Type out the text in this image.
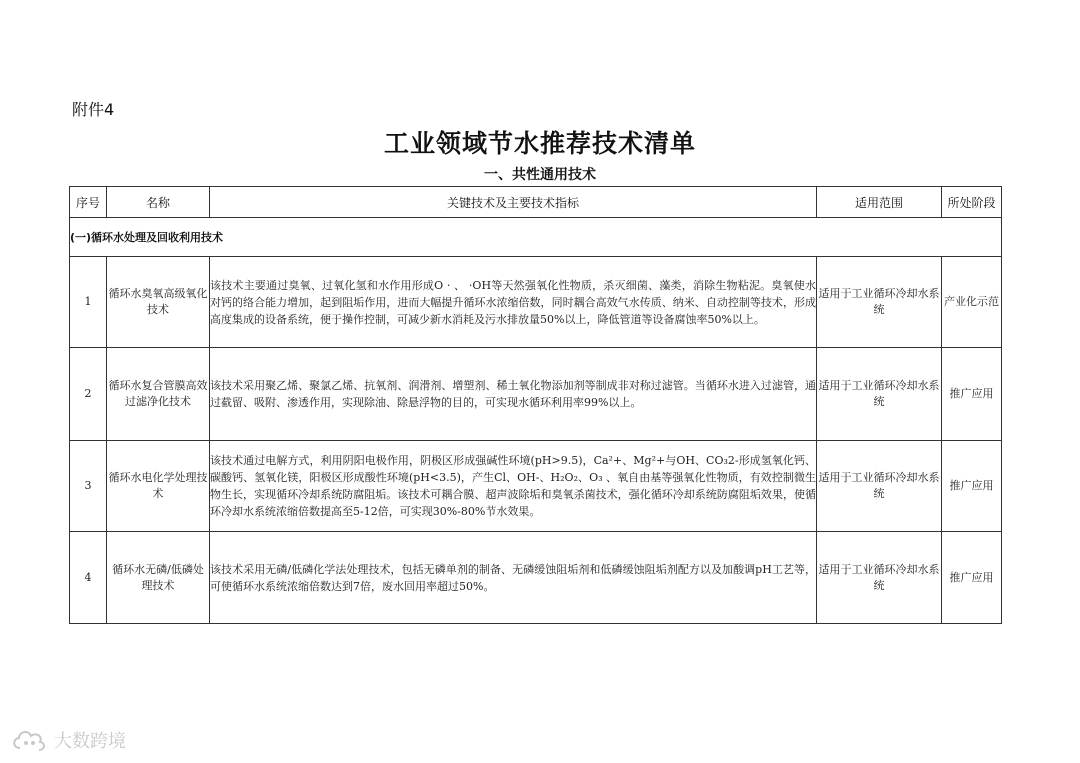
附件4
工业领域节水推荐技术清单
一、共性通用技术
序号	名称	关键技术及主要技术指标	适用范围	所处阶段
(一)循环水处理及回收利用技术				
1	循环水臭氧高级氧化技术	该技术主要通过臭氧、过氧化氢和水作用形成O · 、 ·OH等天然强氧化性物质，杀灭细菌、藻类，消除生物粘泥。臭氧使水对钙的络合能力增加，起到阻垢作用，进而大幅提升循环水浓缩倍数，同时耦合高效气水传质、纳米、自动控制等技术，形成高度集成的设备系统，便于操作控制，可减少新水消耗及污水排放量50%以上，降低管道等设备腐蚀率50%以上。	适用于工业循环冷却水系统	产业化示范
2	循环水复合管膜高效过滤净化技术	该技术采用聚乙烯、聚氯乙烯、抗氧剂、润滑剂、增塑剂、稀土氧化物添加剂等制成非对称过滤管。当循环水进入过滤管，通过截留、吸附、渗透作用，实现除油、除悬浮物的目的，可实现水循环利用率99%以上。	适用于工业循环冷却水系统	推广应用
3	循环水电化学处理技术	该技术通过电解方式，利用阴阳电极作用，阴极区形成强碱性环境(pH>9.5)，Ca²+、Mg²+与OH、CO₃2-形成氢氧化钙、碳酸钙、氢氧化镁，阳极区形成酸性环境(pH<3.5)，产生Cl、OH-、H₂O₂、O₃ 、氧自由基等强氧化性物质，有效控制微生物生长，实现循环冷却系统防腐阻垢。该技术可耦合膜、超声波除垢和臭氧杀菌技术，强化循环冷却系统防腐阻垢效果，使循环冷却水系统浓缩倍数提高至5-12倍，可实现30%-80%节水效果。	适用于工业循环冷却水系统	推广应用
4	循环水无磷/低磷处理技术	该技术采用无磷/低磷化学法处理技术，包括无磷单剂的制备、无磷缓蚀阻垢剂和低磷缓蚀阻垢剂配方以及加酸调pH工艺等，可使循环水系统浓缩倍数达到7倍，废水回用率超过50%。	适用于工业循环冷却水系统	推广应用
大数跨境
